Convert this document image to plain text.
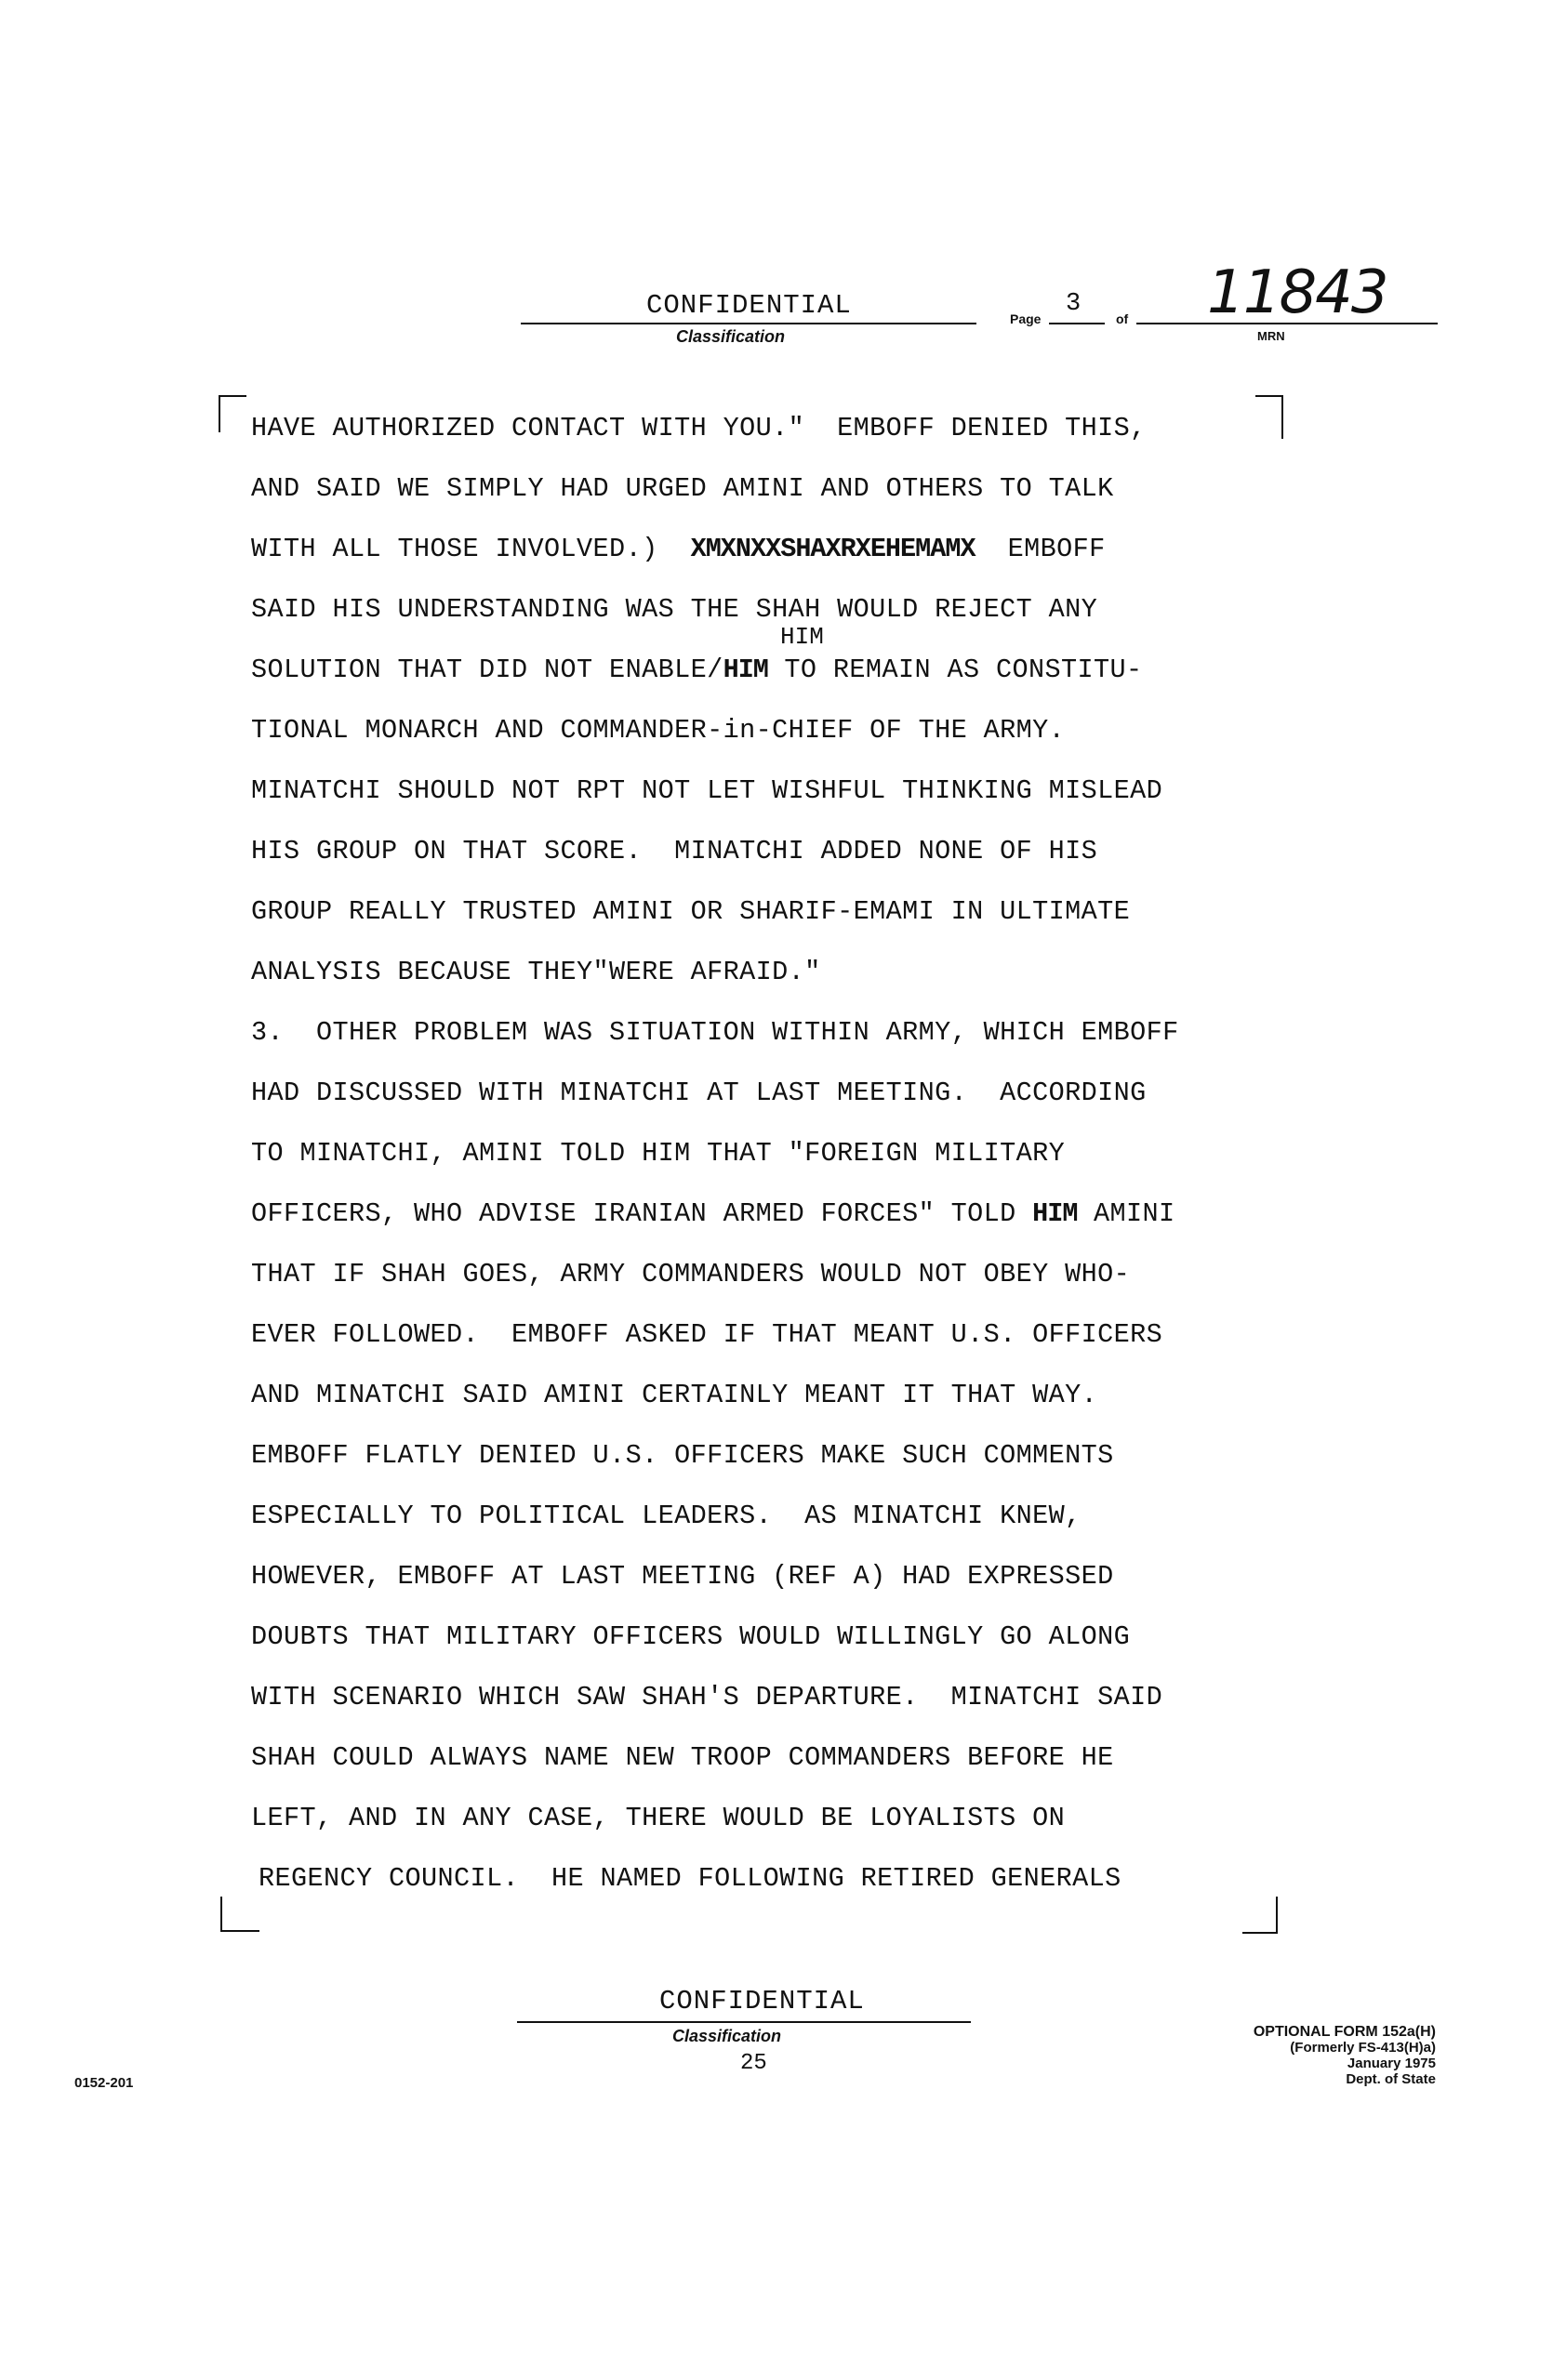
CONFIDENTIAL
Classification
Page
3
of 11843
MRN
HAVE AUTHORIZED CONTACT WITH YOU."  EMBOFF DENIED THIS,
AND SAID WE SIMPLY HAD URGED AMINI AND OTHERS TO TALK
WITH ALL THOSE INVOLVED.) XMXNXXSHAXRXEHEMAMX EMBOFF
SAID HIS UNDERSTANDING WAS THE SHAH WOULD REJECT ANY
HIM
SOLUTION THAT DID NOT ENABLE/HIM TO REMAIN AS CONSTITU-
TIONAL MONARCH AND COMMANDER-in-CHIEF OF THE ARMY.
MINATCHI SHOULD NOT RPT NOT LET WISHFUL THINKING MISLEAD
HIS GROUP ON THAT SCORE.  MINATCHI ADDED NONE OF HIS
GROUP REALLY TRUSTED AMINI OR SHARIF-EMAMI IN ULTIMATE
ANALYSIS BECAUSE THEY"WERE AFRAID."
3.  OTHER PROBLEM WAS SITUATION WITHIN ARMY, WHICH EMBOFF
HAD DISCUSSED WITH MINATCHI AT LAST MEETING.  ACCORDING
TO MINATCHI, AMINI TOLD HIM THAT "FOREIGN MILITARY
OFFICERS, WHO ADVISE IRANIAN ARMED FORCES" TOLD HIM AMINI
THAT IF SHAH GOES, ARMY COMMANDERS WOULD NOT OBEY WHO-
EVER FOLLOWED.  EMBOFF ASKED IF THAT MEANT U.S. OFFICERS
AND MINATCHI SAID AMINI CERTAINLY MEANT IT THAT WAY.
EMBOFF FLATLY DENIED U.S. OFFICERS MAKE SUCH COMMENTS
ESPECIALLY TO POLITICAL LEADERS.  AS MINATCHI KNEW,
HOWEVER, EMBOFF AT LAST MEETING (REF A) HAD EXPRESSED
DOUBTS THAT MILITARY OFFICERS WOULD WILLINGLY GO ALONG
WITH SCENARIO WHICH SAW SHAH'S DEPARTURE.  MINATCHI SAID
SHAH COULD ALWAYS NAME NEW TROOP COMMANDERS BEFORE HE
LEFT, AND IN ANY CASE, THERE WOULD BE LOYALISTS ON
REGENCY COUNCIL.  HE NAMED FOLLOWING RETIRED GENERALS
CONFIDENTIAL
Classification
25
0152-201
OPTIONAL FORM 152a(H)
(Formerly FS-413(H)a)
January 1975
Dept. of State
